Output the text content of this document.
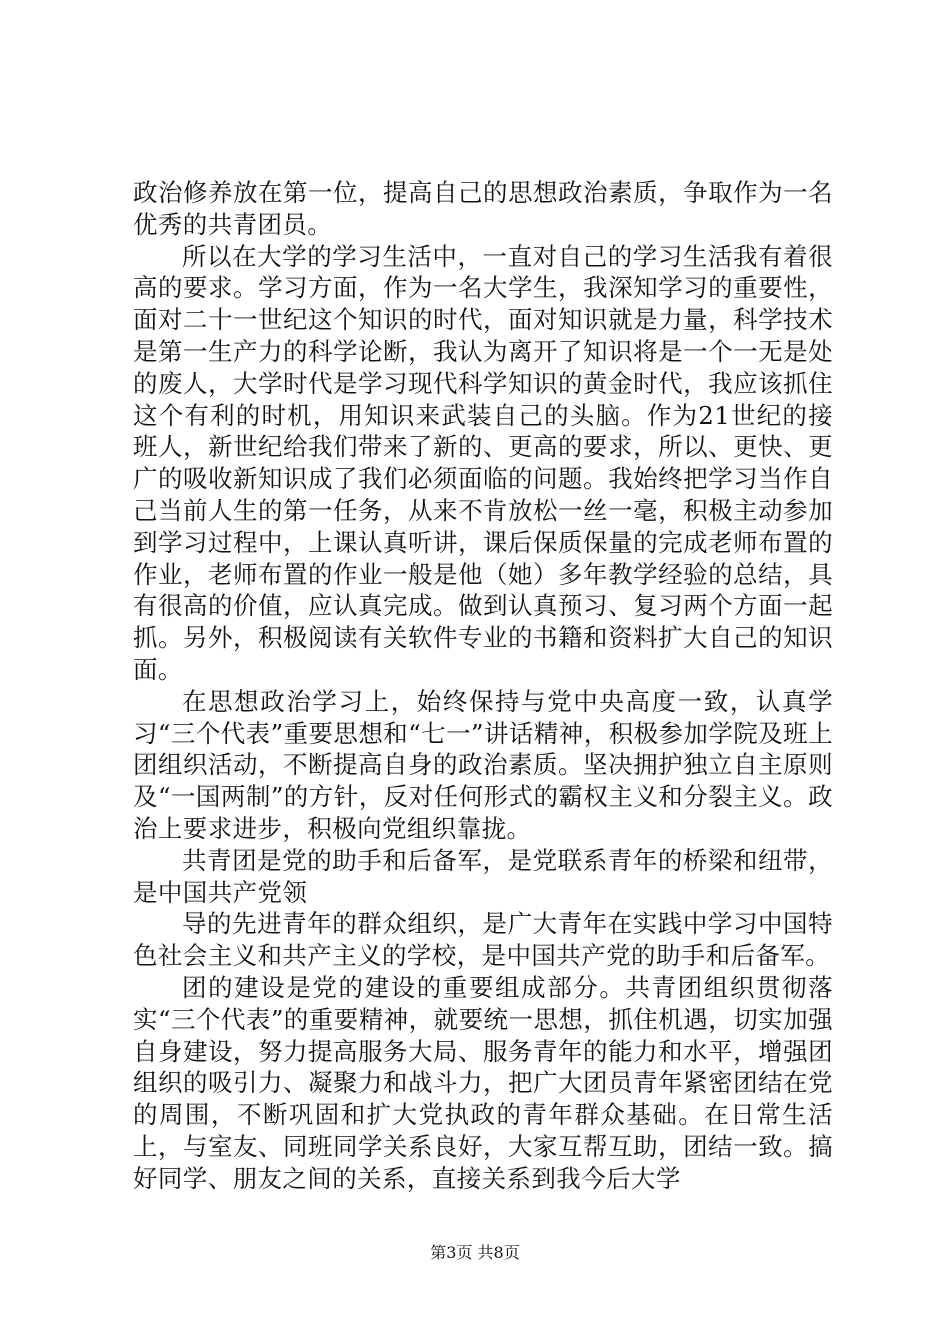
政治修养放在第一位，提高自己的思想政治素质，争取作为一名优秀的共青团员。

所以在大学的学习生活中，一直对自己的学习生活我有着很高的要求。学习方面，作为一名大学生，我深知学习的重要性，面对二十一世纪这个知识的时代，面对知识就是力量，科学技术是第一生产力的科学论断，我认为离开了知识将是一个一无是处的废人，大学时代是学习现代科学知识的黄金时代，我应该抓住这个有利的时机，用知识来武装自己的头脑。作为21世纪的接班人，新世纪给我们带来了新的、更高的要求，所以、更快、更广的吸收新知识成了我们必须面临的问题。我始终把学习当作自己当前人生的第一任务，从来不肯放松一丝一毫，积极主动参加到学习过程中，上课认真听讲，课后保质保量的完成老师布置的作业，老师布置的作业一般是他（她）多年教学经验的总结，具有很高的价值，应认真完成。做到认真预习、复习两个方面一起抓。另外，积极阅读有关软件专业的书籍和资料扩大自己的知识面。

在思想政治学习上，始终保持与党中央高度一致，认真学习“三个代表”重要思想和“七一”讲话精神，积极参加学院及班上团组织活动，不断提高自身的政治素质。坚决拥护独立自主原则及“一国两制”的方针，反对任何形式的霸权主义和分裂主义。政治上要求进步，积极向党组织靠拢。

共青团是党的助手和后备军，是党联系青年的桥梁和纽带，是中国共产党领

导的先进青年的群众组织，是广大青年在实践中学习中国特色社会主义和共产主义的学校，是中国共产党的助手和后备军。

团的建设是党的建设的重要组成部分。共青团组织贯彻落实“三个代表”的重要精神，就要统一思想，抓住机遇，切实加强自身建设，努力提高服务大局、服务青年的能力和水平，增强团组织的吸引力、凝聚力和战斗力，把广大团员青年紧密团结在党的周围，不断巩固和扩大党执政的青年群众基础。在日常生活上，与室友、同班同学关系良好，大家互帮互助，团结一致。搞好同学、朋友之间的关系，直接关系到我今后大学

第3页 共8页
